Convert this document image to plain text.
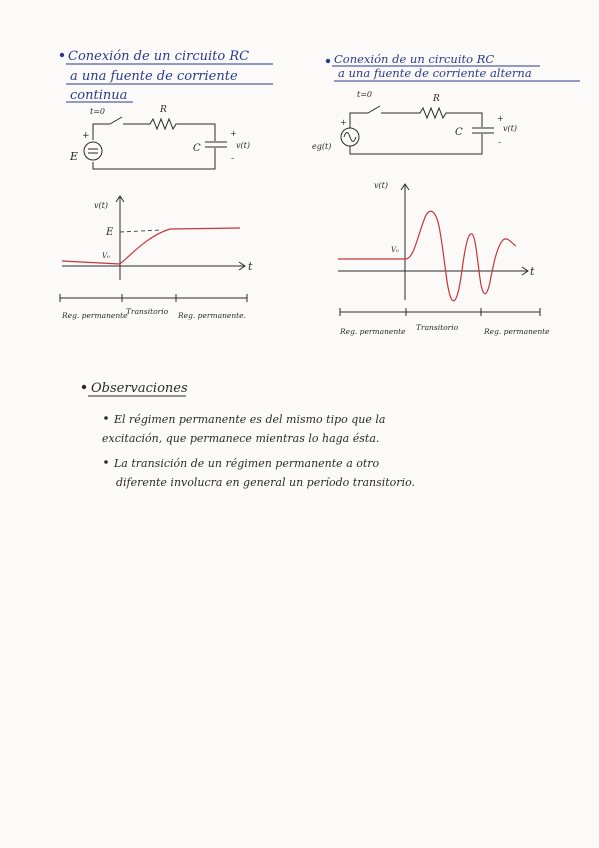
Conexión de un circuito RC
a una fuente de corriente
continua
t=0	R
E
+
C
+
v(t)
-
v(t)
t
E
V₀
Reg. permanente
Transitorio Reg. permanente.
Conexión de un circuito RC
a una fuente de corriente alterna
t=0	R
eg(t)
+
C
+
v(t)
-
v(t)
t
V₀
Reg. permanente Transitorio	Reg. permanente
Observaciones
El régimen permanente es del mismo tipo que la
excitación, que permanece mientras lo haga ésta.
La transición de un régimen permanente a otro
diferente involucra en general un período transitorio.
